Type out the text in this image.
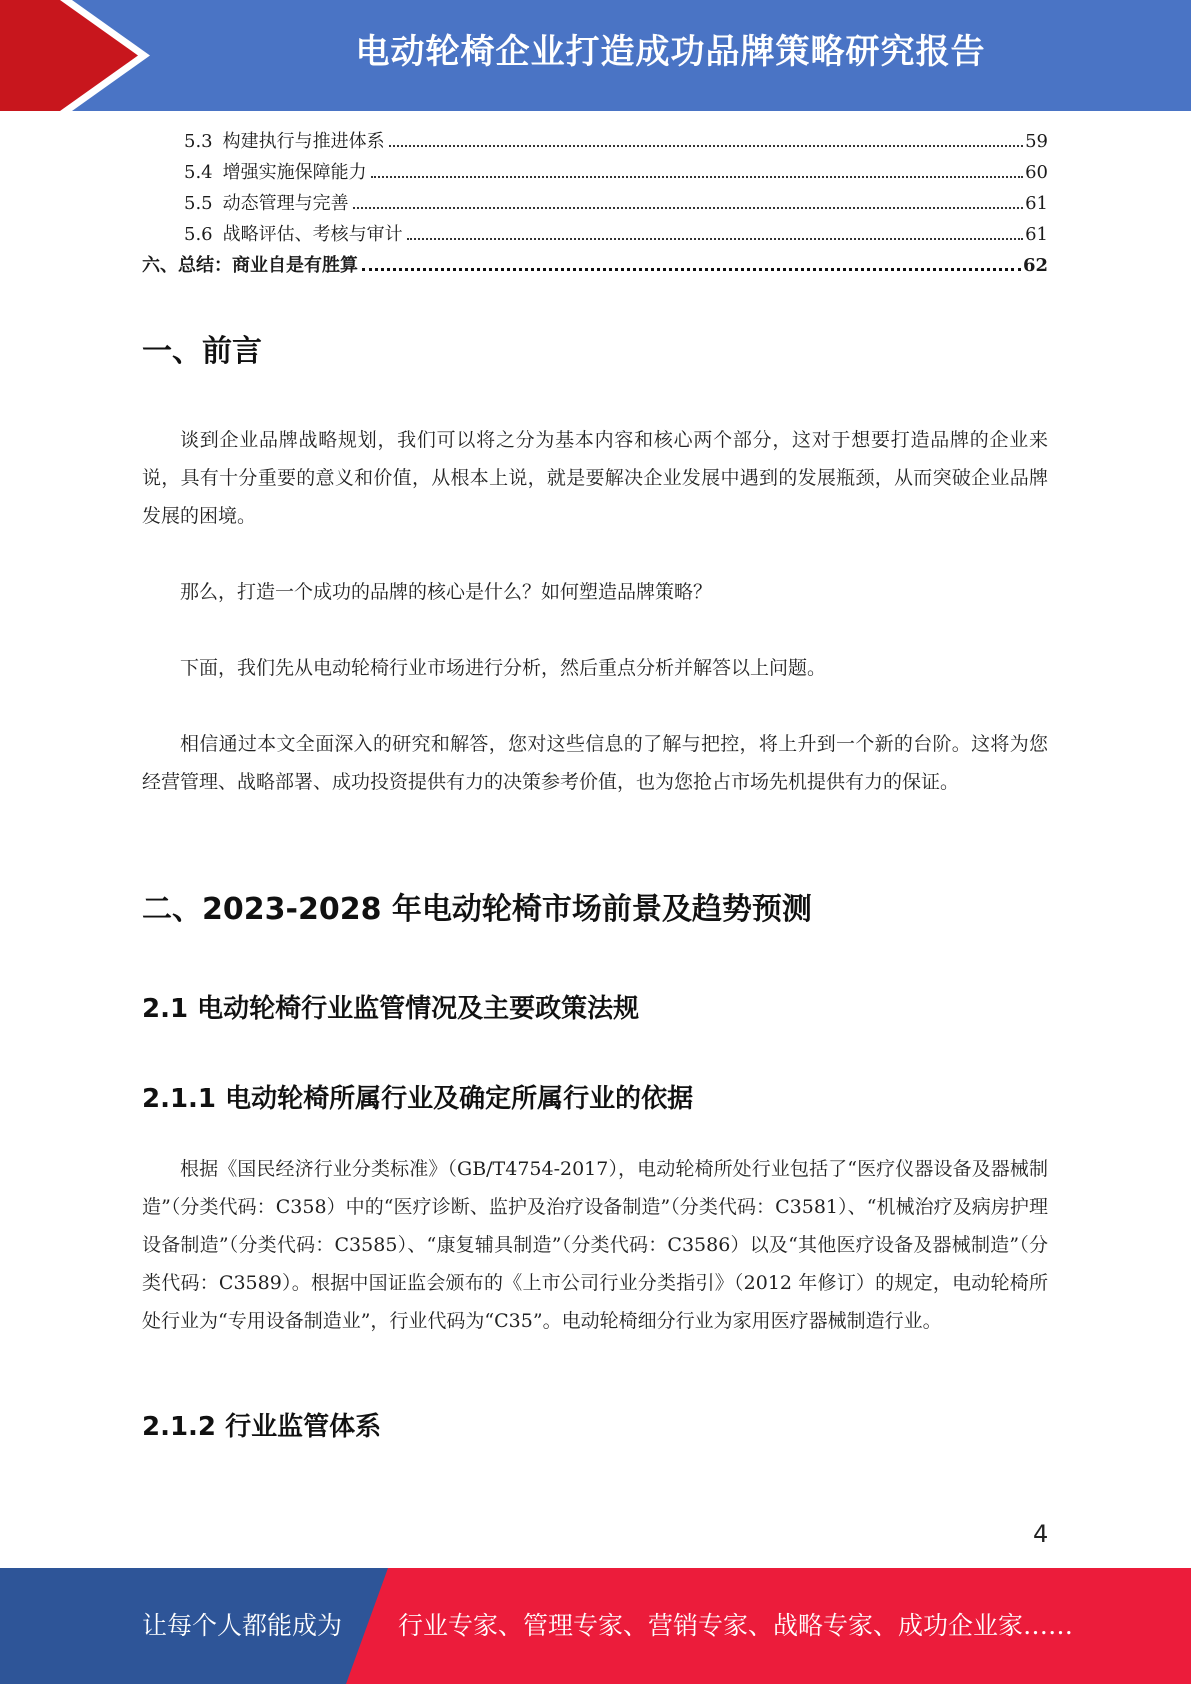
电动轮椅企业打造成功品牌策略研究报告
5.3 构建执行与推进体系	59
5.4 增强实施保障能力	60
5.5 动态管理与完善	61
5.6 战略评估、考核与审计	61
六、总结：商业自是有胜算	62
一、前言
谈到企业品牌战略规划，我们可以将之分为基本内容和核心两个部分，这对于想要打造品牌的企业来说，具有十分重要的意义和价值，从根本上说，就是要解决企业发展中遇到的发展瓶颈，从而突破企业品牌发展的困境。
那么，打造一个成功的品牌的核心是什么？如何塑造品牌策略？
下面，我们先从电动轮椅行业市场进行分析，然后重点分析并解答以上问题。
相信通过本文全面深入的研究和解答，您对这些信息的了解与把控，将上升到一个新的台阶。这将为您经营管理、战略部署、成功投资提供有力的决策参考价值，也为您抢占市场先机提供有力的保证。
二、2023-2028 年电动轮椅市场前景及趋势预测
2.1 电动轮椅行业监管情况及主要政策法规
2.1.1 电动轮椅所属行业及确定所属行业的依据
根据《国民经济行业分类标准》（GB/T4754-2017），电动轮椅所处行业包括了“医疗仪器设备及器械制造”（分类代码：C358）中的“医疗诊断、监护及治疗设备制造”（分类代码：C3581）、“机械治疗及病房护理设备制造”（分类代码：C3585）、“康复辅具制造”（分类代码：C3586）以及“其他医疗设备及器械制造”（分类代码：C3589）。根据中国证监会颁布的《上市公司行业分类指引》（2012 年修订）的规定，电动轮椅所处行业为“专用设备制造业”，行业代码为“C35”。电动轮椅细分行业为家用医疗器械制造行业。
2.1.2 行业监管体系
4
让每个人都能成为 行业专家、管理专家、营销专家、战略专家、成功企业家……
